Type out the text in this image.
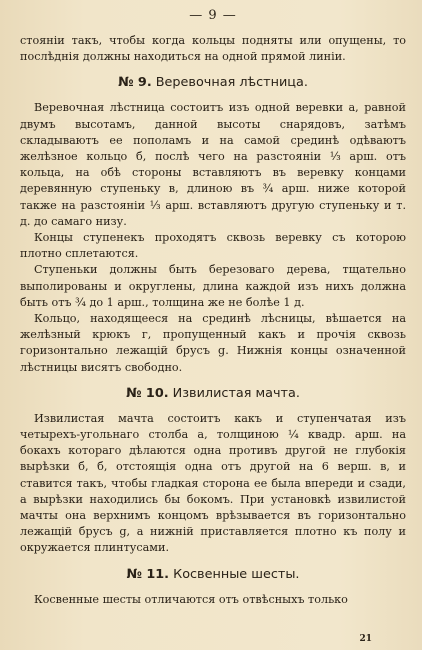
— 9 —

стояніи такъ, чтобы когда кольцы подняты или опущены, то послѣднія должны находиться на одной прямой линіи.

№ 9. Веревочная лѣстница.

Веревочная лѣстница состоитъ изъ одной веревки а, равной двумъ высотамъ, данной высоты снарядовъ, затѣмъ складываютъ ее пополамъ и на самой срединѣ одѣваютъ желѣзное кольцо б, послѣ чего на разстояніи ⅓ арш. отъ кольца, на обѣ стороны вставляютъ въ веревку концами деревянную ступеньку в, длиною въ ¾ арш. ниже которой также на разстояніи ⅓ арш. вставляютъ другую ступеньку и т. д. до самаго низу.

Концы ступенекъ проходятъ сквозь веревку съ которою плотно сплетаются.

Ступеньки должны быть березоваго дерева, тщательно выполированы и округлены, длина каждой изъ нихъ должна быть отъ ¾ до 1 арш., толщина же не болѣе 1 д.

Кольцо, находящееся на срединѣ лѣсницы, вѣшается на желѣзный крюкъ г, пропущенный какъ и прочія сквозь горизонтально лежащій брусъ g. Нижнія концы означенной лѣстницы висятъ свободно.

№ 10. Извилистая мачта.

Извилистая мачта состоитъ какъ и ступенчатая изъ четырехъ-угольнаго столба а, толщиною ¼ квадр. арш. на бокахъ котораго дѣлаются одна противъ другой не глубокія вырѣзки б, б, отстоящія одна отъ другой на 6 верш. в, и ставится такъ, чтобы гладкая сторона ее была впереди и сзади, а вырѣзки находились бы бокомъ. При установкѣ извилистой мачты она верхнимъ концомъ врѣзывается въ горизонтально лежащій брусъ g, а нижній приставляется плотно къ полу и окружается плинтусами.

№ 11. Косвенные шесты.

Косвенные шесты отличаются отъ отвѣсныхъ только

21
